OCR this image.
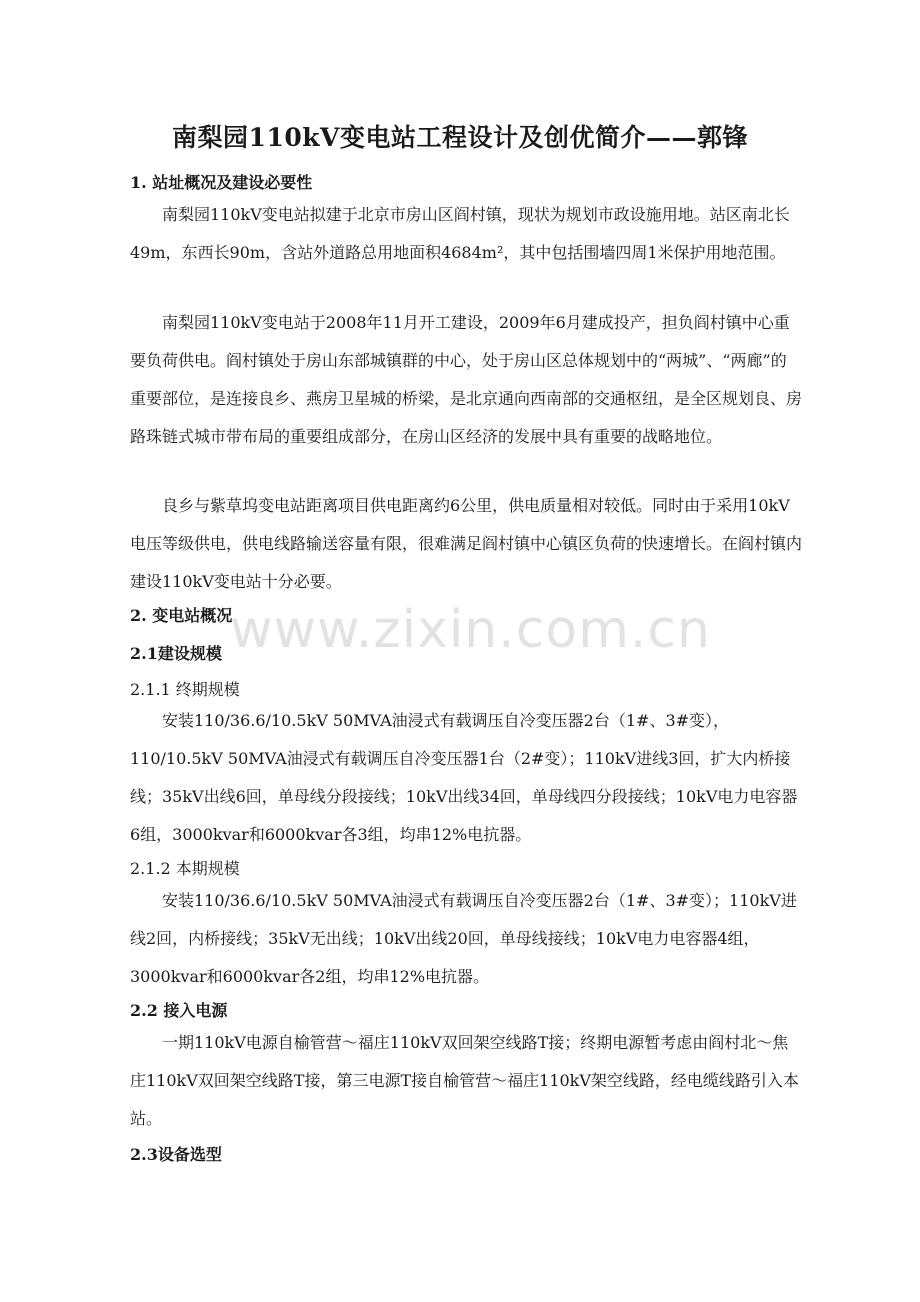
www.zixin.com.cn
南梨园110kV变电站工程设计及创优简介——郭锋
1. 站址概况及建设必要性
南梨园110kV变电站拟建于北京市房山区阎村镇，现状为规划市政设施用地。站区南北长49m，东西长90m，含站外道路总用地面积4684m²，其中包括围墙四周1米保护用地范围。
南梨园110kV变电站于2008年11月开工建设，2009年6月建成投产，担负阎村镇中心重要负荷供电。阎村镇处于房山东部城镇群的中心，处于房山区总体规划中的“两城”、“两廊”的重要部位，是连接良乡、燕房卫星城的桥梁，是北京通向西南部的交通枢纽，是全区规划良、房路珠链式城市带布局的重要组成部分，在房山区经济的发展中具有重要的战略地位。
良乡与紫草坞变电站距离项目供电距离约6公里，供电质量相对较低。同时由于采用10kV电压等级供电，供电线路输送容量有限，很难满足阎村镇中心镇区负荷的快速增长。在阎村镇内建设110kV变电站十分必要。
2. 变电站概况
2.1建设规模
2.1.1 终期规模
安装110/36.6/10.5kV 50MVA油浸式有载调压自冷变压器2台（1#、3#变），110/10.5kV 50MVA油浸式有载调压自冷变压器1台（2#变）；110kV进线3回，扩大内桥接线；35kV出线6回，单母线分段接线；10kV出线34回，单母线四分段接线；10kV电力电容器6组，3000kvar和6000kvar各3组，均串12%电抗器。
2.1.2 本期规模
安装110/36.6/10.5kV 50MVA油浸式有载调压自冷变压器2台（1#、3#变）；110kV进线2回，内桥接线；35kV无出线；10kV出线20回，单母线接线；10kV电力电容器4组，3000kvar和6000kvar各2组，均串12%电抗器。
2.2 接入电源
一期110kV电源自榆管营～福庄110kV双回架空线路T接；终期电源暂考虑由阎村北～焦庄110kV双回架空线路T接，第三电源T接自榆管营～福庄110kV架空线路，经电缆线路引入本站。
2.3设备选型
